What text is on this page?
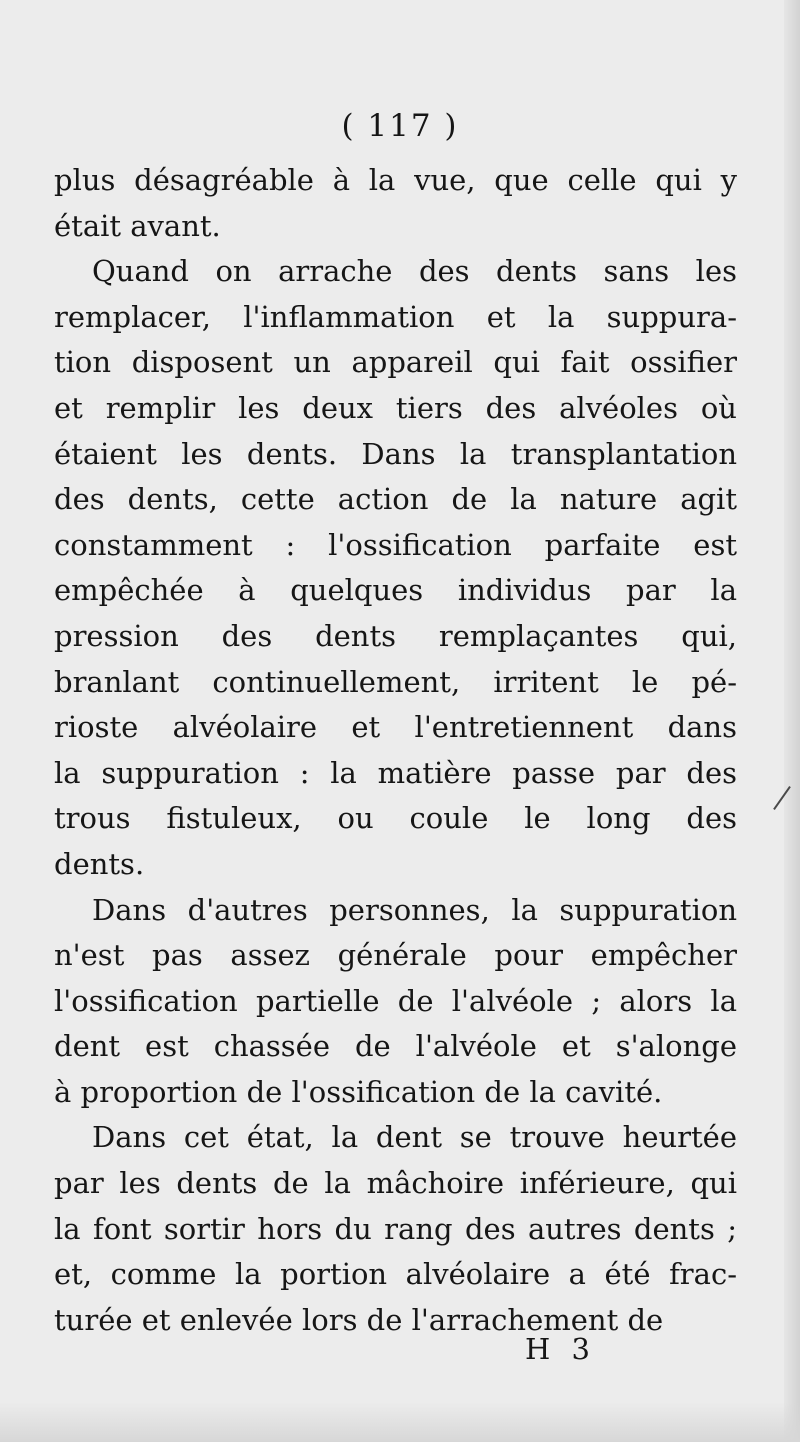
( 117 )
plus désagréable à la vue, que celle qui y
était avant.
Quand on arrache des dents sans les
remplacer, l'inflammation et la suppura-
tion disposent un appareil qui fait ossifier
et remplir les deux tiers des alvéoles où
étaient les dents. Dans la transplantation
des dents, cette action de la nature agit
constamment : l'ossification parfaite est
empêchée à quelques individus par la
pression des dents remplaçantes qui,
branlant continuellement, irritent le pé-
rioste alvéolaire et l'entretiennent dans
la suppuration : la matière passe par des
trous fistuleux, ou coule le long des
dents.
Dans d'autres personnes, la suppuration
n'est pas assez générale pour empêcher
l'ossification partielle de l'alvéole ; alors la
dent est chassée de l'alvéole et s'alonge
à proportion de l'ossification de la cavité.
Dans cet état, la dent se trouve heurtée
par les dents de la mâchoire inférieure, qui
la font sortir hors du rang des autres dents ;
et, comme la portion alvéolaire a été frac-
turée et enlevée lors de l'arrachement de
H 3
